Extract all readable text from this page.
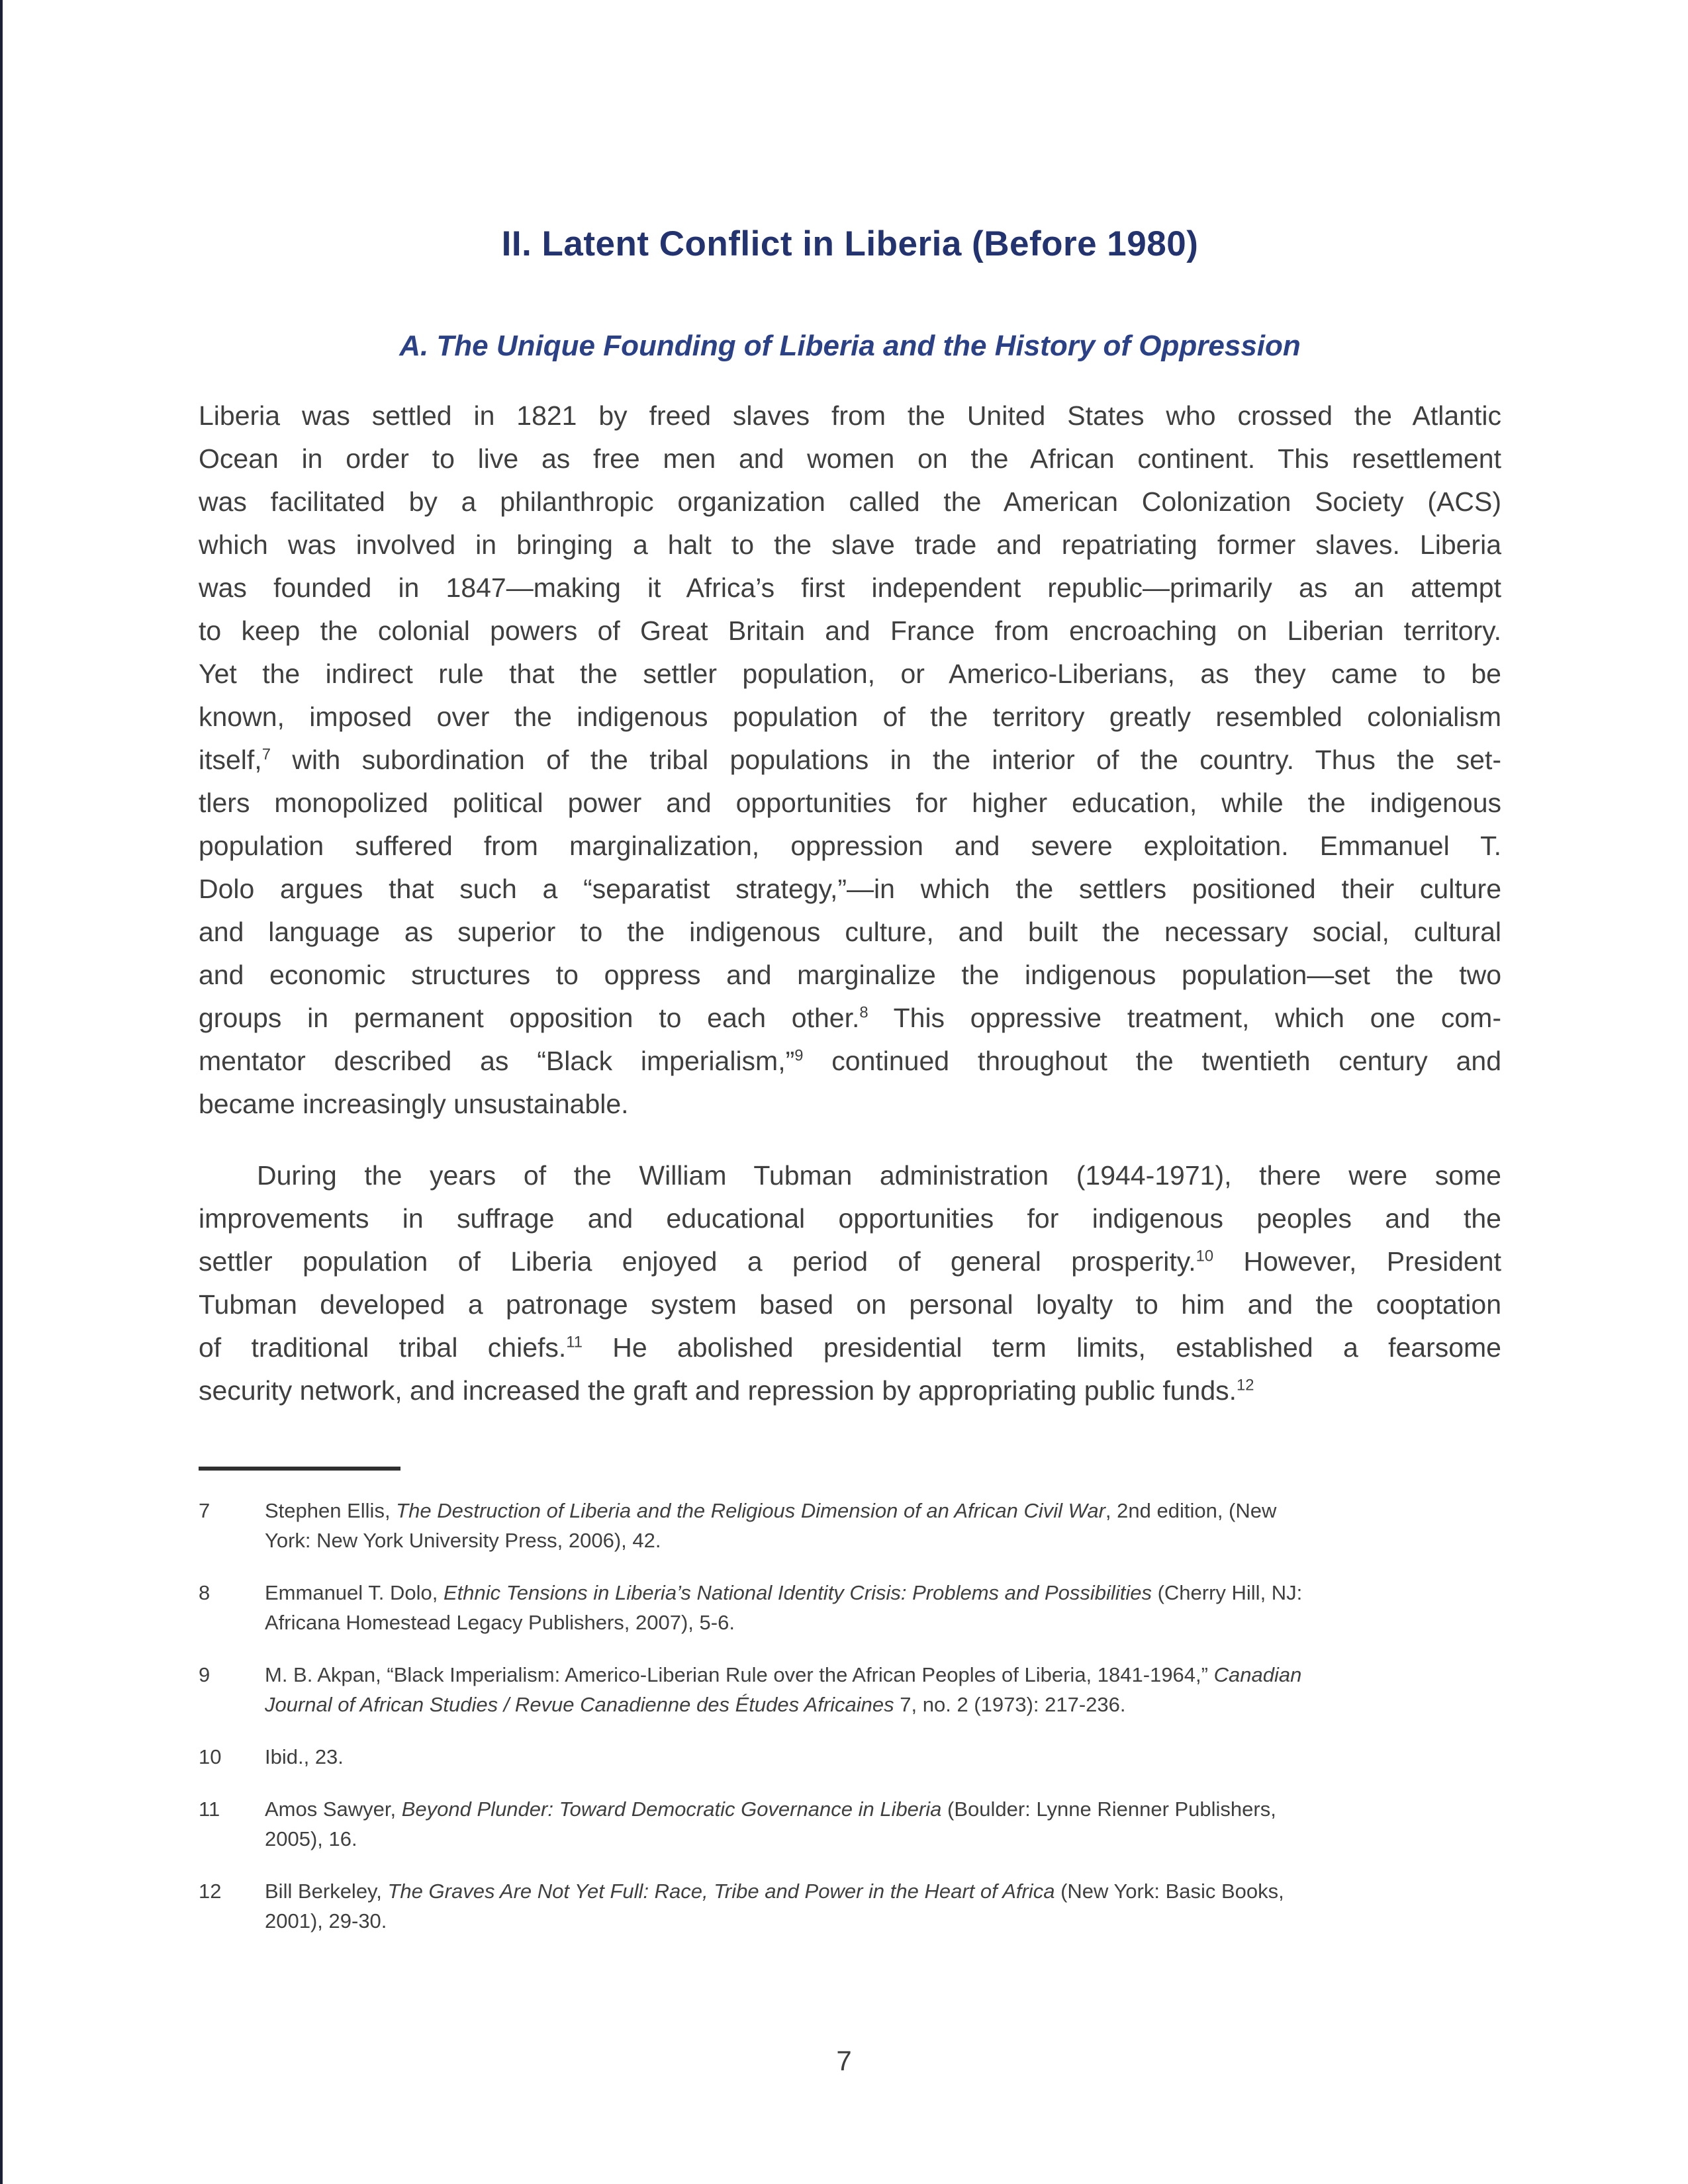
II. Latent Conflict in Liberia (Before 1980)
A. The Unique Founding of Liberia and the History of Oppression
Liberia was settled in 1821 by freed slaves from the United States who crossed the Atlantic
Ocean in order to live as free men and women on the African continent. This resettlement
was facilitated by a philanthropic organization called the American Colonization Society (ACS)
which was involved in bringing a halt to the slave trade and repatriating former slaves. Liberia
was founded in 1847—making it Africa’s first independent republic—primarily as an attempt
to keep the colonial powers of Great Britain and France from encroaching on Liberian territory.
Yet the indirect rule that the settler population, or Americo-Liberians, as they came to be
known, imposed over the indigenous population of the territory greatly resembled colonialism
itself,$^7$ with subordination of the tribal populations in the interior of the country. Thus the set-
tlers monopolized political power and opportunities for higher education, while the indigenous
population suffered from marginalization, oppression and severe exploitation. Emmanuel T.
Dolo argues that such a “separatist strategy,”—in which the settlers positioned their culture
and language as superior to the indigenous culture, and built the necessary social, cultural
and economic structures to oppress and marginalize the indigenous population—set the two
groups in permanent opposition to each other.$^8$ This oppressive treatment, which one com-
mentator described as “Black imperialism,”$^9$ continued throughout the twentieth century and
became increasingly unsustainable.
During the years of the William Tubman administration (1944-1971), there were some
improvements in suffrage and educational opportunities for indigenous peoples and the
settler population of Liberia enjoyed a period of general prosperity.$^{10}$ However, President
Tubman developed a patronage system based on personal loyalty to him and the cooptation
of traditional tribal chiefs.$^{11}$ He abolished presidential term limits, established a fearsome
security network, and increased the graft and repression by appropriating public funds.$^{12}$
7	Stephen Ellis, The Destruction of Liberia and the Religious Dimension of an African Civil War, 2nd edition, (New
York: New York University Press, 2006), 42.
8	Emmanuel T. Dolo, Ethnic Tensions in Liberia’s National Identity Crisis: Problems and Possibilities (Cherry Hill, NJ:
Africana Homestead Legacy Publishers, 2007), 5-6.
9	M. B. Akpan, “Black Imperialism: Americo-Liberian Rule over the African Peoples of Liberia, 1841-1964,” Canadian
Journal of African Studies / Revue Canadienne des Études Africaines 7, no. 2 (1973): 217-236.
10	Ibid., 23.
11	Amos Sawyer, Beyond Plunder: Toward Democratic Governance in Liberia (Boulder: Lynne Rienner Publishers,
2005), 16.
12	Bill Berkeley, The Graves Are Not Yet Full: Race, Tribe and Power in the Heart of Africa (New York: Basic Books,
2001), 29-30.
7
